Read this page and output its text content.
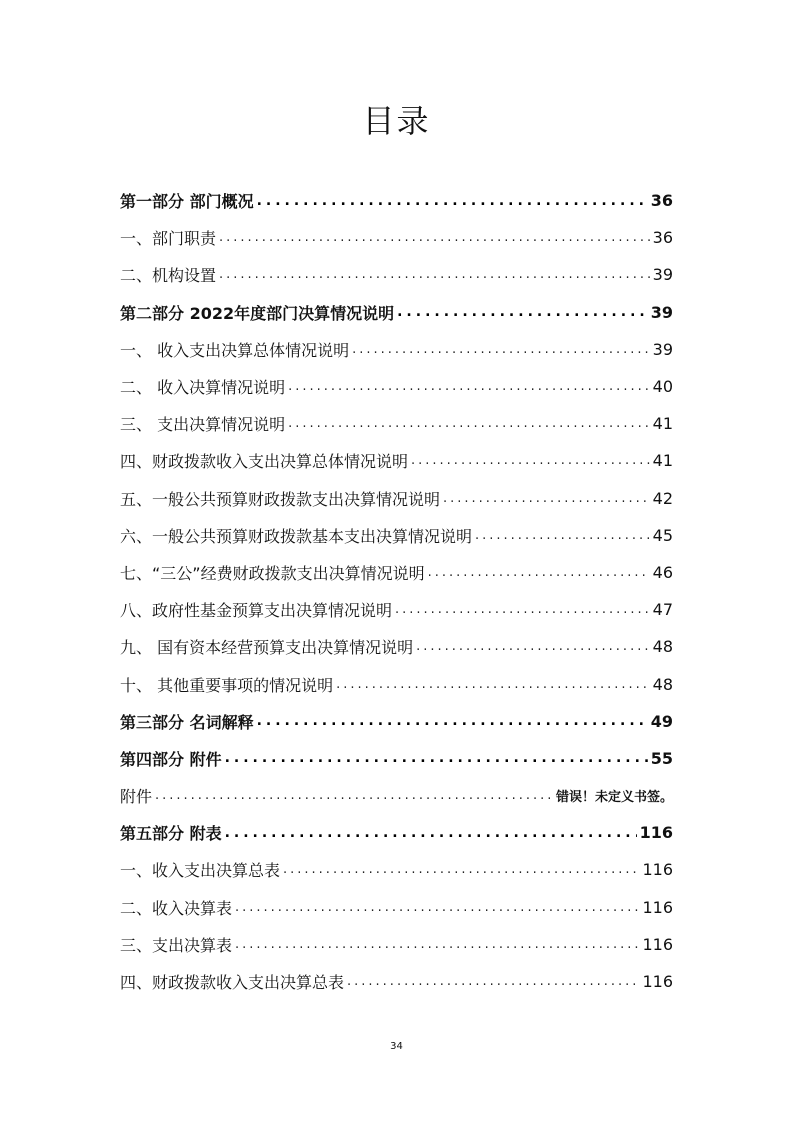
目录
第一部分 部门概况 .....	36
一、部门职责 .....	36
二、机构设置 .....	39
第二部分 2022年度部门决算情况说明 .....	39
一、 收入支出决算总体情况说明 .....	39
二、 收入决算情况说明 .....	40
三、 支出决算情况说明 .....	41
四、财政拨款收入支出决算总体情况说明 .....	41
五、一般公共预算财政拨款支出决算情况说明 .....	42
六、一般公共预算财政拨款基本支出决算情况说明 .....	45
七、“三公”经费财政拨款支出决算情况说明 .....	46
八、政府性基金预算支出决算情况说明 .....	47
九、 国有资本经营预算支出决算情况说明 .....	48
十、 其他重要事项的情况说明 .....	48
第三部分 名词解释 .....	49
第四部分 附件 .....	55
附件 .....	错误！未定义书签。
第五部分 附表 .....	116
一、收入支出决算总表 .....	116
二、收入决算表 .....	116
三、支出决算表 .....	116
四、财政拨款收入支出决算总表 .....	116
34
